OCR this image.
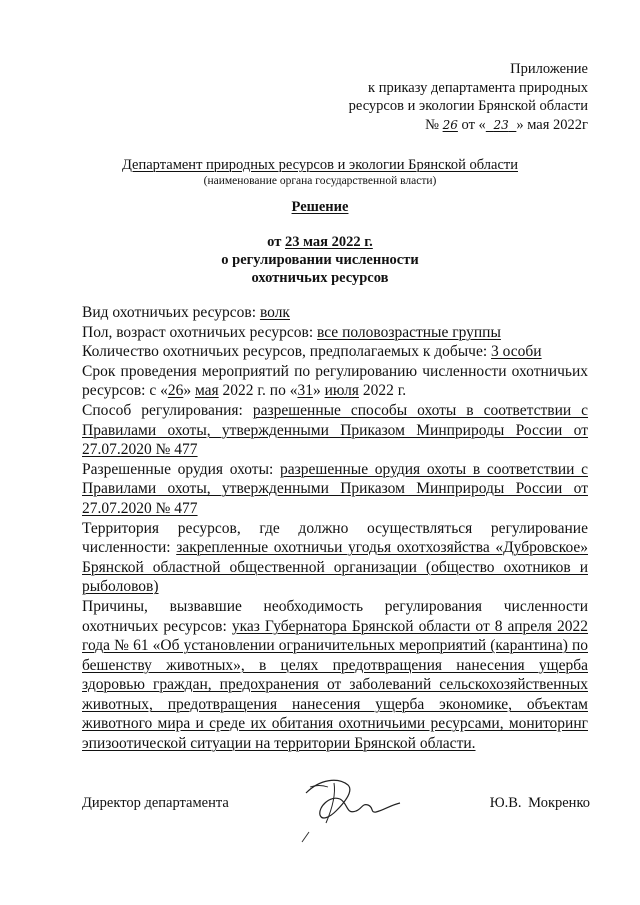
Приложение
к приказу департамента природных
ресурсов и экологии Брянской области
№ 26 от « 23 » мая 2022г
Департамент природных ресурсов и экологии Брянской области
(наименование органа государственной власти)
Решение
от 23 мая 2022 г.
о регулировании численности
охотничьих ресурсов

Вид охотничьих ресурсов: волк

Пол, возраст охотничьих ресурсов: все половозрастные группы

Количество охотничьих ресурсов, предполагаемых к добыче: 3 особи

Срок проведения мероприятий по регулированию численности охотничьих ресурсов: с «26» мая 2022 г. по «31» июля 2022 г.

Способ регулирования: разрешенные способы охоты в соответствии с Правилами охоты, утвержденными Приказом Минприроды России от 27.07.2020 № 477

Разрешенные орудия охоты: разрешенные орудия охоты в соответствии с Правилами охоты, утвержденными Приказом Минприроды России от 27.07.2020 № 477

Территория ресурсов, где должно осуществляться регулирование численности: закрепленные охотничьи угодья охотхозяйства «Дубровское» Брянской областной общественной организации (общество охотников и рыболовов)

Причины, вызвавшие необходимость регулирования численности охотничьих ресурсов: указ Губернатора Брянской области от 8 апреля 2022 года № 61 «Об установлении ограничительных мероприятий (карантина) по бешенству животных», в целях предотвращения нанесения ущерба здоровью граждан, предохранения от заболеваний сельскохозяйственных животных, предотвращения нанесения ущерба экономике, объектам животного мира и среде их обитания охотничьими ресурсами, мониторинг эпизоотической ситуации на территории Брянской области.

Директор департамента	Ю.В. Мокренко
